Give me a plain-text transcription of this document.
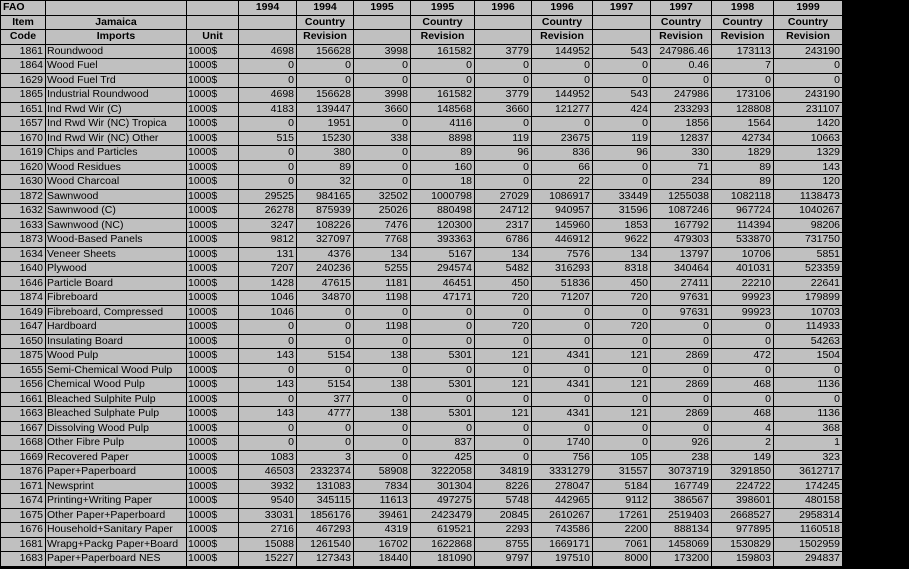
FAO			1994	1994	1995	1995	1996	1996	1997	1997	1998	1999
Item	Jamaica			Country		Country		Country		Country	Country	Country
Code	Imports	Unit		Revision		Revision		Revision		Revision	Revision	Revision
1861	Roundwood	1000$	4698	156628	3998	161582	3779	144952	543	247986.46	173113	243190
1864	Wood Fuel	1000$	0	0	0	0	0	0	0	0.46	7	0
1629	Wood Fuel Trd	1000$	0	0	0	0	0	0	0	0	0	0
1865	Industrial Roundwood	1000$	4698	156628	3998	161582	3779	144952	543	247986	173106	243190
1651	Ind Rwd Wir (C)	1000$	4183	139447	3660	148568	3660	121277	424	233293	128808	231107
1657	Ind Rwd Wir (NC) Tropica	1000$	0	1951	0	4116	0	0	0	1856	1564	1420
1670	Ind Rwd Wir (NC) Other	1000$	515	15230	338	8898	119	23675	119	12837	42734	10663
1619	Chips and Particles	1000$	0	380	0	89	96	836	96	330	1829	1329
1620	Wood Residues	1000$	0	89	0	160	0	66	0	71	89	143
1630	Wood Charcoal	1000$	0	32	0	18	0	22	0	234	89	120
1872	Sawnwood	1000$	29525	984165	32502	1000798	27029	1086917	33449	1255038	1082118	1138473
1632	Sawnwood (C)	1000$	26278	875939	25026	880498	24712	940957	31596	1087246	967724	1040267
1633	Sawnwood (NC)	1000$	3247	108226	7476	120300	2317	145960	1853	167792	114394	98206
1873	Wood-Based Panels	1000$	9812	327097	7768	393363	6786	446912	9622	479303	533870	731750
1634	Veneer Sheets	1000$	131	4376	134	5167	134	7576	134	13797	10706	5851
1640	Plywood	1000$	7207	240236	5255	294574	5482	316293	8318	340464	401031	523359
1646	Particle Board	1000$	1428	47615	1181	46451	450	51836	450	27411	22210	22641
1874	Fibreboard	1000$	1046	34870	1198	47171	720	71207	720	97631	99923	179899
1649	Fibreboard, Compressed	1000$	1046	0	0	0	0	0	0	97631	99923	10703
1647	Hardboard	1000$	0	0	1198	0	720	0	720	0	0	114933
1650	Insulating Board	1000$	0	0	0	0	0	0	0	0	0	54263
1875	Wood Pulp	1000$	143	5154	138	5301	121	4341	121	2869	472	1504
1655	Semi-Chemical Wood Pulp	1000$	0	0	0	0	0	0	0	0	0	0
1656	Chemical Wood Pulp	1000$	143	5154	138	5301	121	4341	121	2869	468	1136
1661	Bleached Sulphite Pulp	1000$	0	377	0	0	0	0	0	0	0	0
1663	Bleached Sulphate Pulp	1000$	143	4777	138	5301	121	4341	121	2869	468	1136
1667	Dissolving Wood Pulp	1000$	0	0	0	0	0	0	0	0	4	368
1668	Other Fibre Pulp	1000$	0	0	0	837	0	1740	0	926	2	1
1669	Recovered Paper	1000$	1083	3	0	425	0	756	105	238	149	323
1876	Paper+Paperboard	1000$	46503	2332374	58908	3222058	34819	3331279	31557	3073719	3291850	3612717
1671	Newsprint	1000$	3932	131083	7834	301304	8226	278047	5184	167749	224722	174245
1674	Printing+Writing Paper	1000$	9540	345115	11613	497275	5748	442965	9112	386567	398601	480158
1675	Other Paper+Paperboard	1000$	33031	1856176	39461	2423479	20845	2610267	17261	2519403	2668527	2958314
1676	Household+Sanitary Paper	1000$	2716	467293	4319	619521	2293	743586	2200	888134	977895	1160518
1681	Wrapg+Packg Paper+Board	1000$	15088	1261540	16702	1622868	8755	1669171	7061	1458069	1530829	1502959
1683	Paper+Paperboard NES	1000$	15227	127343	18440	181090	9797	197510	8000	173200	159803	294837
